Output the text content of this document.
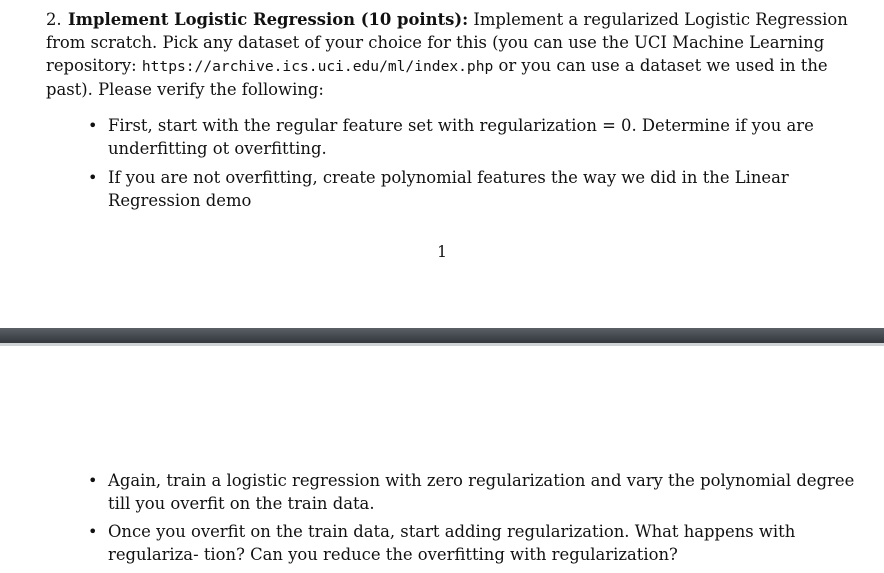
2. Implement Logistic Regression (10 points): Implement a regularized Logistic Regression from scratch. Pick any dataset of your choice for this (you can use the UCI Machine Learning repository: https://archive.ics.uci.edu/ml/index.php or you can use a dataset we used in the past). Please verify the following:

• First, start with the regular feature set with regularization = 0. Determine if you are underfitting ot overfitting.
• If you are not overfitting, create polynomial features the way we did in the Linear Regression demo
1
• Again, train a logistic regression with zero regularization and vary the polynomial degree till you overfit on the train data.
• Once you overfit on the train data, start adding regularization. What happens with regulariza- tion? Can you reduce the overfitting with regularization?
